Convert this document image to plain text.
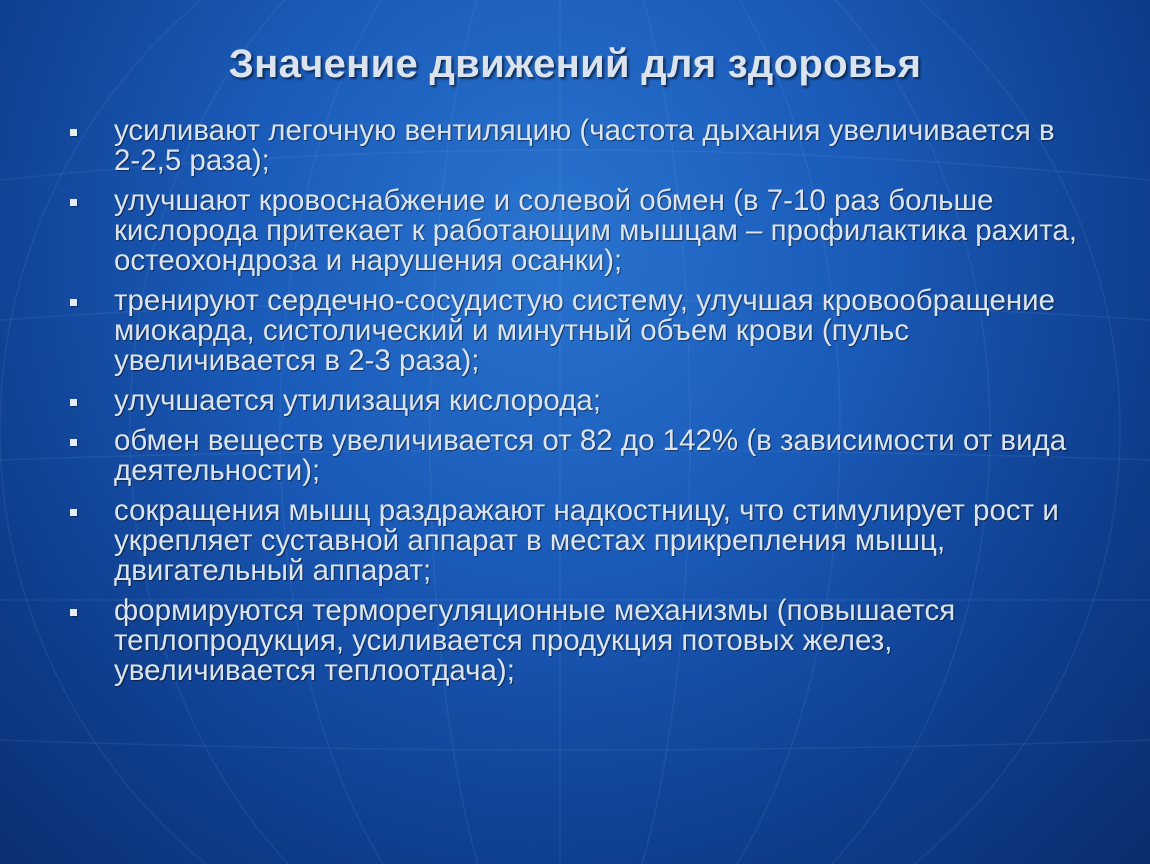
Значение движений для здоровья
усиливают легочную вентиляцию (частота дыхания увеличивается в 2-2,5 раза);
улучшают кровоснабжение и солевой обмен (в 7-10 раз больше кислорода притекает к работающим мышцам – профилактика рахита, остеохондроза и нарушения осанки);
тренируют сердечно-сосудистую систему, улучшая кровообращение миокарда, систолический и минутный объем крови (пульс увеличивается в 2-3 раза);
улучшается утилизация кислорода;
обмен веществ увеличивается от 82 до 142% (в зависимости от вида деятельности);
сокращения мышц раздражают надкостницу, что стимулирует рост и укрепляет суставной аппарат в местах прикрепления мышц, двигательный аппарат;
формируются терморегуляционные механизмы (повышается теплопродукция, усиливается продукция потовых желез, увеличивается теплоотдача);
